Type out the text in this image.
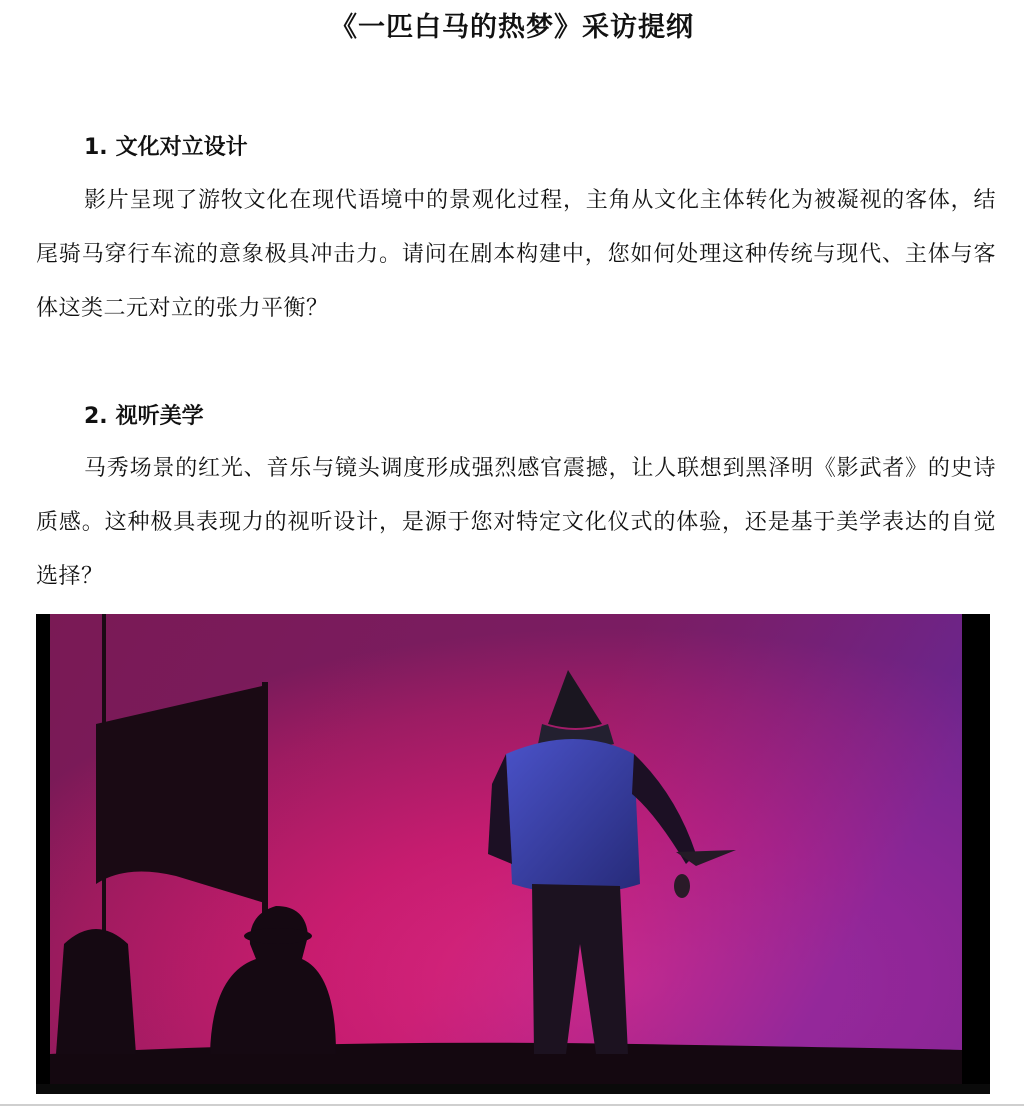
《一匹白马的热梦》采访提纲
1. 文化对立设计
影片呈现了游牧文化在现代语境中的景观化过程，主角从文化主体转化为被凝视的客体，结尾骑马穿行车流的意象极具冲击力。请问在剧本构建中，您如何处理这种传统与现代、主体与客体这类二元对立的张力平衡？
2. 视听美学
马秀场景的红光、音乐与镜头调度形成强烈感官震撼，让人联想到黑泽明《影武者》的史诗质感。这种极具表现力的视听设计，是源于您对特定文化仪式的体验，还是基于美学表达的自觉选择？
